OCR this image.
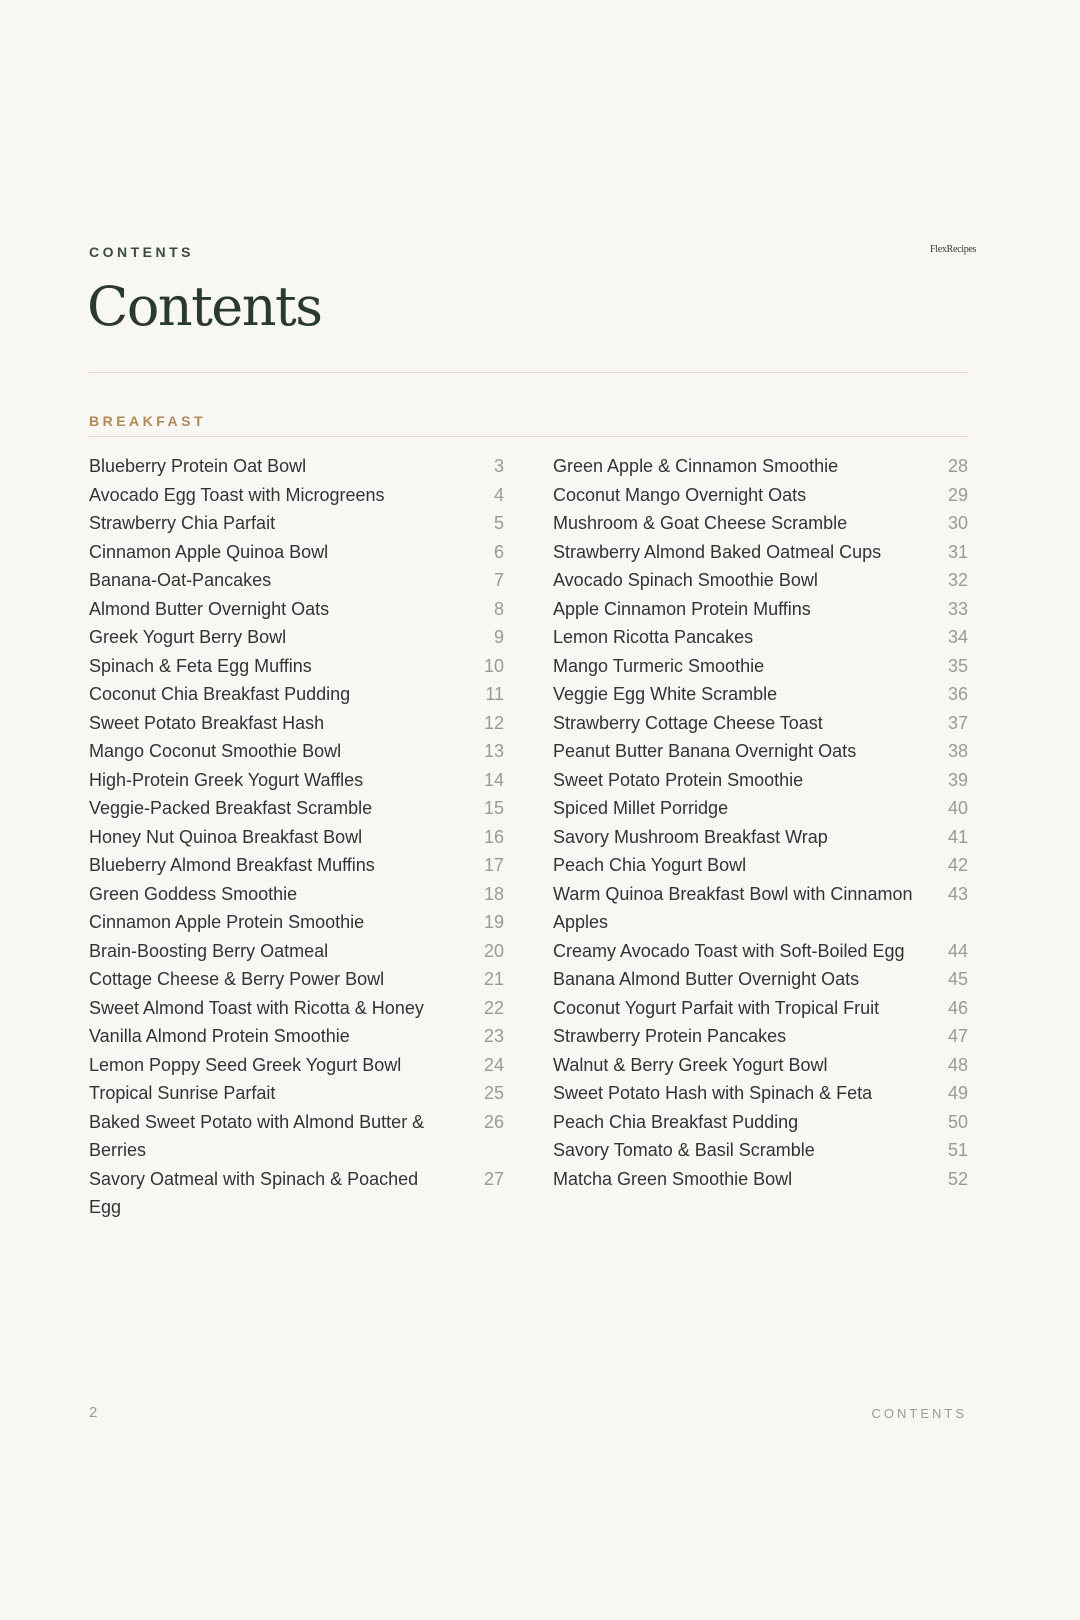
CONTENTS	FlexRecipes
Contents
BREAKFAST
Blueberry Protein Oat Bowl	3
Avocado Egg Toast with Microgreens	4
Strawberry Chia Parfait	5
Cinnamon Apple Quinoa Bowl	6
Banana-Oat-Pancakes	7
Almond Butter Overnight Oats	8
Greek Yogurt Berry Bowl	9
Spinach & Feta Egg Muffins	10
Coconut Chia Breakfast Pudding	11
Sweet Potato Breakfast Hash	12
Mango Coconut Smoothie Bowl	13
High-Protein Greek Yogurt Waffles	14
Veggie-Packed Breakfast Scramble	15
Honey Nut Quinoa Breakfast Bowl	16
Blueberry Almond Breakfast Muffins	17
Green Goddess Smoothie	18
Cinnamon Apple Protein Smoothie	19
Brain-Boosting Berry Oatmeal	20
Cottage Cheese & Berry Power Bowl	21
Sweet Almond Toast with Ricotta & Honey	22
Vanilla Almond Protein Smoothie	23
Lemon Poppy Seed Greek Yogurt Bowl	24
Tropical Sunrise Parfait	25
Baked Sweet Potato with Almond Butter & Berries
26
Savory Oatmeal with Spinach & Poached Egg
27
Green Apple & Cinnamon Smoothie	28
Coconut Mango Overnight Oats	29
Mushroom & Goat Cheese Scramble	30
Strawberry Almond Baked Oatmeal Cups	31
Avocado Spinach Smoothie Bowl	32
Apple Cinnamon Protein Muffins	33
Lemon Ricotta Pancakes	34
Mango Turmeric Smoothie	35
Veggie Egg White Scramble	36
Strawberry Cottage Cheese Toast	37
Peanut Butter Banana Overnight Oats	38
Sweet Potato Protein Smoothie	39
Spiced Millet Porridge	40
Savory Mushroom Breakfast Wrap	41
Peach Chia Yogurt Bowl	42
Warm Quinoa Breakfast Bowl with Cinnamon Apples
43
Creamy Avocado Toast with Soft-Boiled Egg	44
Banana Almond Butter Overnight Oats	45
Coconut Yogurt Parfait with Tropical Fruit	46
Strawberry Protein Pancakes	47
Walnut & Berry Greek Yogurt Bowl	48
Sweet Potato Hash with Spinach & Feta	49
Peach Chia Breakfast Pudding	50
Savory Tomato & Basil Scramble	51
Matcha Green Smoothie Bowl	52
2	CONTENTS
